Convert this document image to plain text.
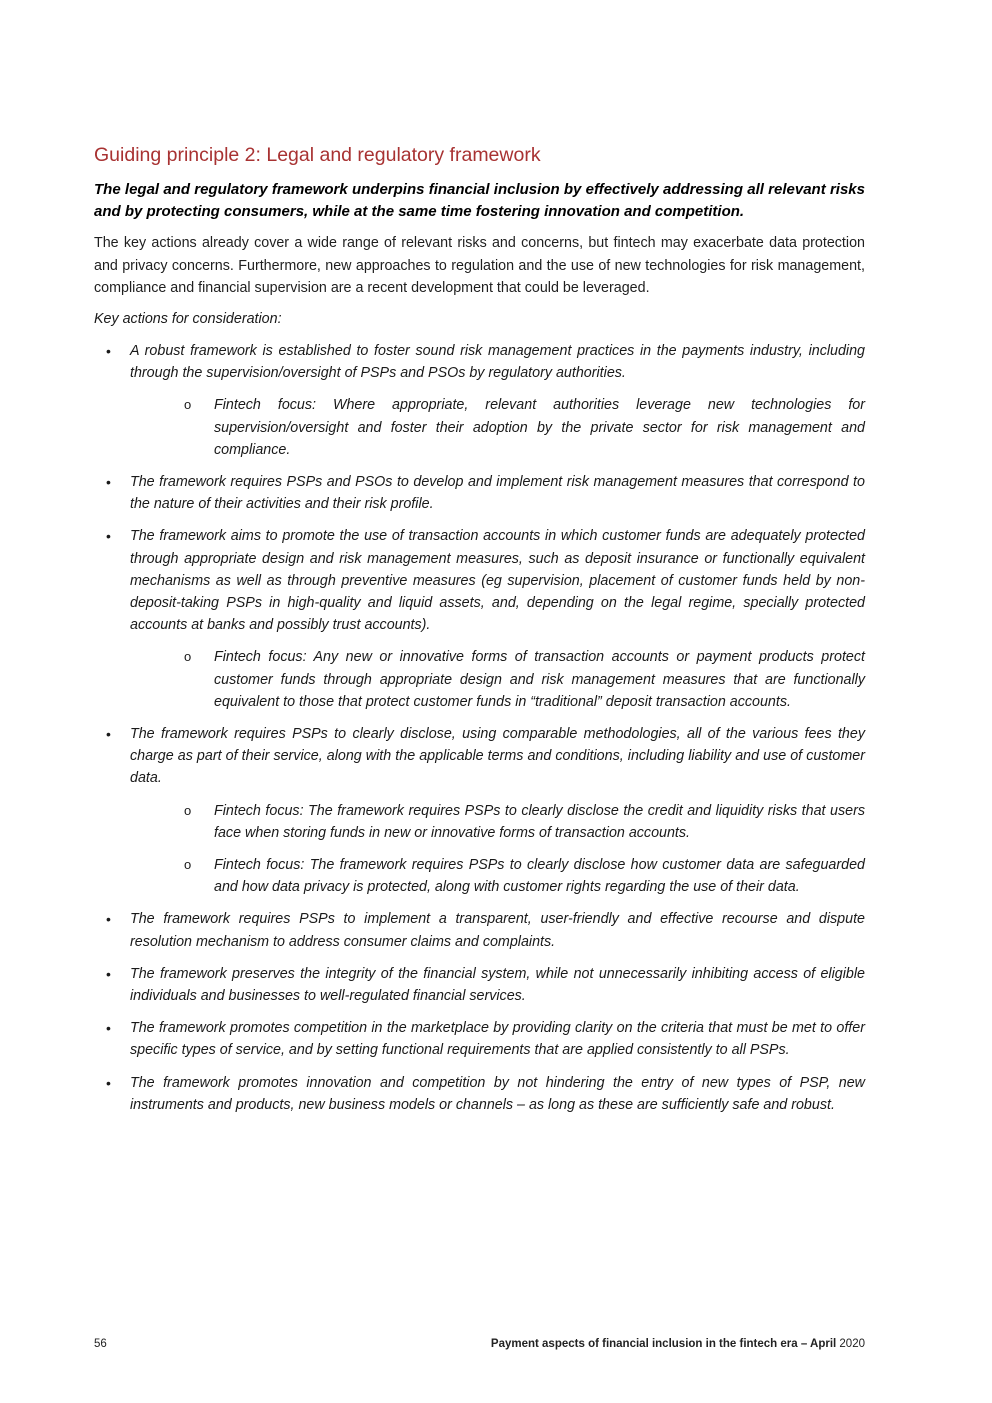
Guiding principle 2: Legal and regulatory framework

The legal and regulatory framework underpins financial inclusion by effectively addressing all relevant risks and by protecting consumers, while at the same time fostering innovation and competition.

The key actions already cover a wide range of relevant risks and concerns, but fintech may exacerbate data protection and privacy concerns. Furthermore, new approaches to regulation and the use of new technologies for risk management, compliance and financial supervision are a recent development that could be leveraged.

Key actions for consideration:

• A robust framework is established to foster sound risk management practices in the payments industry, including through the supervision/oversight of PSPs and PSOs by regulatory authorities.

o Fintech focus: Where appropriate, relevant authorities leverage new technologies for supervision/oversight and foster their adoption by the private sector for risk management and compliance.

• The framework requires PSPs and PSOs to develop and implement risk management measures that correspond to the nature of their activities and their risk profile.

• The framework aims to promote the use of transaction accounts in which customer funds are adequately protected through appropriate design and risk management measures, such as deposit insurance or functionally equivalent mechanisms as well as through preventive measures (eg supervision, placement of customer funds held by non-deposit-taking PSPs in high-quality and liquid assets, and, depending on the legal regime, specially protected accounts at banks and possibly trust accounts).

o Fintech focus: Any new or innovative forms of transaction accounts or payment products protect customer funds through appropriate design and risk management measures that are functionally equivalent to those that protect customer funds in “traditional” deposit transaction accounts.

• The framework requires PSPs to clearly disclose, using comparable methodologies, all of the various fees they charge as part of their service, along with the applicable terms and conditions, including liability and use of customer data.

o Fintech focus: The framework requires PSPs to clearly disclose the credit and liquidity risks that users face when storing funds in new or innovative forms of transaction accounts.

o Fintech focus: The framework requires PSPs to clearly disclose how customer data are safeguarded and how data privacy is protected, along with customer rights regarding the use of their data.

• The framework requires PSPs to implement a transparent, user-friendly and effective recourse and dispute resolution mechanism to address consumer claims and complaints.

• The framework preserves the integrity of the financial system, while not unnecessarily inhibiting access of eligible individuals and businesses to well-regulated financial services.

• The framework promotes competition in the marketplace by providing clarity on the criteria that must be met to offer specific types of service, and by setting functional requirements that are applied consistently to all PSPs.

• The framework promotes innovation and competition by not hindering the entry of new types of PSP, new instruments and products, new business models or channels – as long as these are sufficiently safe and robust.

56	Payment aspects of financial inclusion in the fintech era – April 2020
